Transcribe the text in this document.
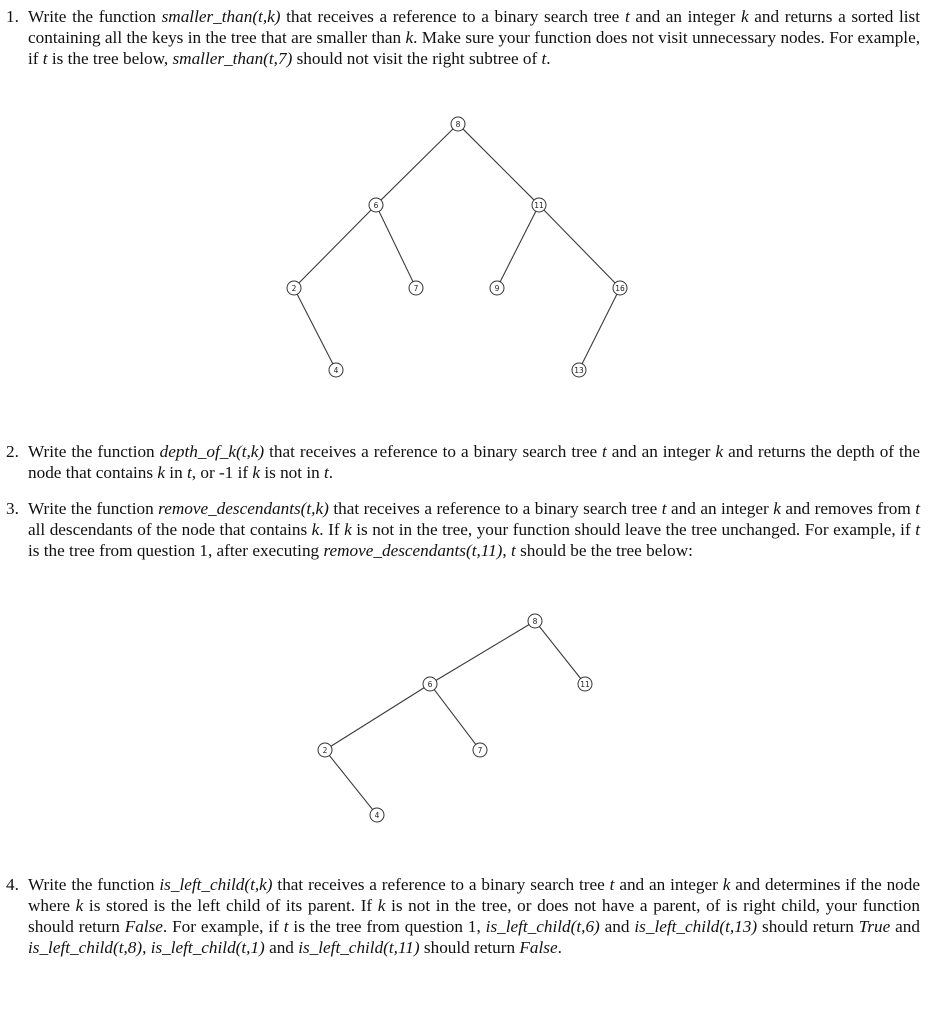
1. Write the function smaller_than(t,k) that receives a reference to a binary search tree t and an integer k and returns a sorted list containing all the keys in the tree that are smaller than k. Make sure your function does not visit unnecessary nodes. For example, if t is the tree below, smaller_than(t,7) should not visit the right subtree of t.
8
6	11
2	7	9	16
4	13
2. Write the function depth_of_k(t,k) that receives a reference to a binary search tree t and an integer k and returns the depth of the node that contains k in t, or -1 if k is not in t.
3. Write the function remove_descendants(t,k) that receives a reference to a binary search tree t and an integer k and removes from t all descendants of the node that contains k. If k is not in the tree, your function should leave the tree unchanged. For example, if t is the tree from question 1, after executing remove_descendants(t,11), t should be the tree below:
8
6	11
2	7
4
4. Write the function is_left_child(t,k) that receives a reference to a binary search tree t and an integer k and determines if the node where k is stored is the left child of its parent. If k is not in the tree, or does not have a parent, of is right child, your function should return False. For example, if t is the tree from question 1, is_left_child(t,6) and is_left_child(t,13) should return True and is_left_child(t,8), is_left_child(t,1) and is_left_child(t,11) should return False.
